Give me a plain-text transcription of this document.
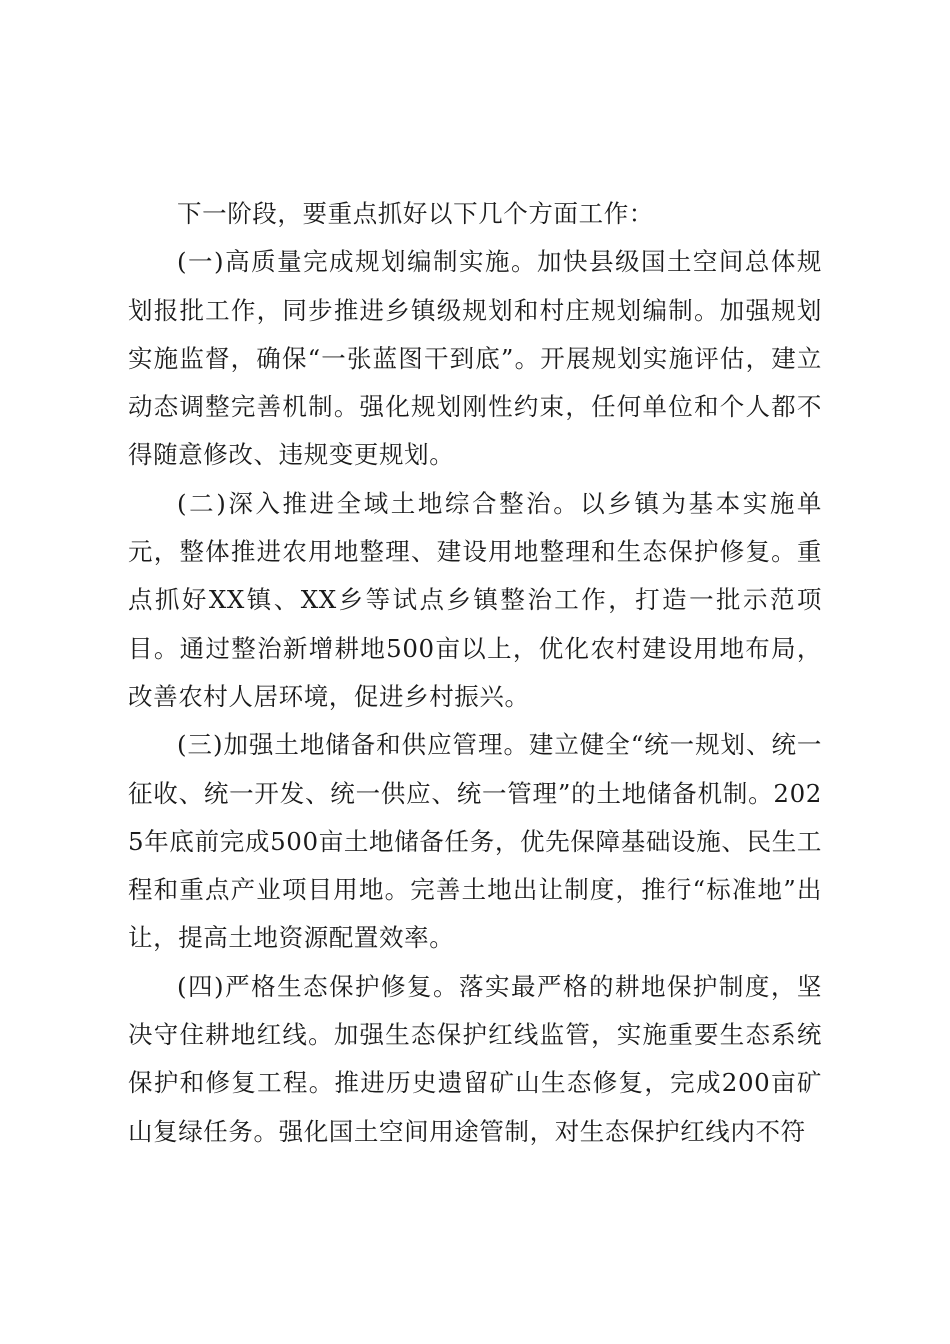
下一阶段，要重点抓好以下几个方面工作：

(一)高质量完成规划编制实施。加快县级国土空间总体规划报批工作，同步推进乡镇级规划和村庄规划编制。加强规划实施监督，确保“一张蓝图干到底”。开展规划实施评估，建立动态调整完善机制。强化规划刚性约束，任何单位和个人都不得随意修改、违规变更规划。

(二)深入推进全域土地综合整治。以乡镇为基本实施单元，整体推进农用地整理、建设用地整理和生态保护修复。重点抓好XX镇、XX乡等试点乡镇整治工作，打造一批示范项目。通过整治新增耕地500亩以上，优化农村建设用地布局，改善农村人居环境，促进乡村振兴。

(三)加强土地储备和供应管理。建立健全“统一规划、统一征收、统一开发、统一供应、统一管理”的土地储备机制。2025年底前完成500亩土地储备任务，优先保障基础设施、民生工程和重点产业项目用地。完善土地出让制度，推行“标准地”出让，提高土地资源配置效率。

(四)严格生态保护修复。落实最严格的耕地保护制度，坚决守住耕地红线。加强生态保护红线监管，实施重要生态系统保护和修复工程。推进历史遗留矿山生态修复，完成200亩矿山复绿任务。强化国土空间用途管制，对生态保护红线内不符
